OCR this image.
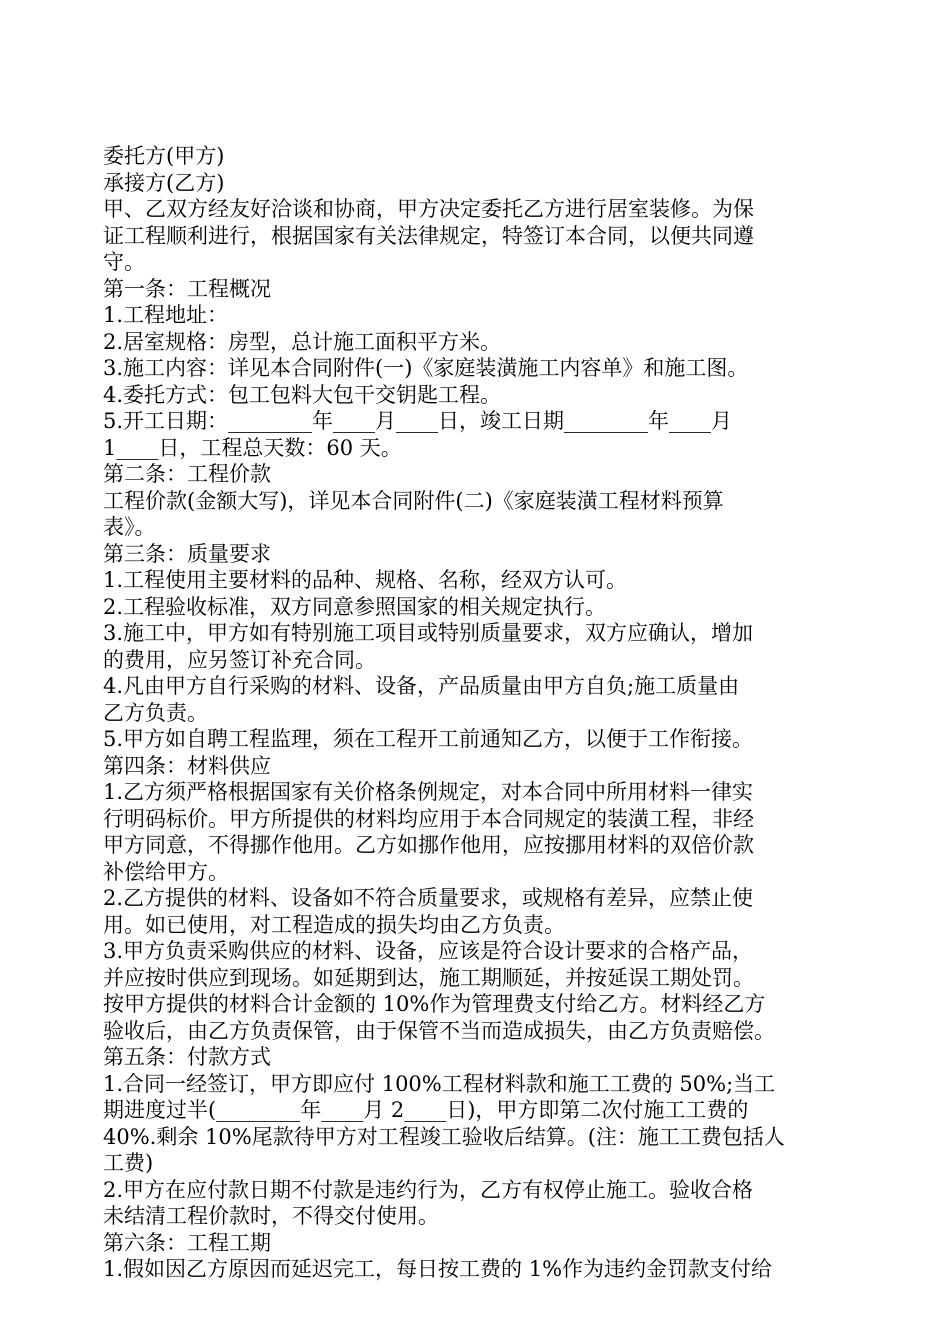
委托方(甲方)
承接方(乙方)
甲、乙双方经友好洽谈和协商，甲方决定委托乙方进行居室装修。为保
证工程顺利进行，根据国家有关法律规定，特签订本合同，以便共同遵
守。
第一条：工程概况
1.工程地址：
2.居室规格：房型，总计施工面积平方米。
3.施工内容：详见本合同附件(一)《家庭装潢施工内容单》和施工图。
4.委托方式：包工包料大包干交钥匙工程。
5.开工日期：________年____月____日，竣工日期________年____月
1____日，工程总天数：60 天。
第二条：工程价款
工程价款(金额大写)，详见本合同附件(二)《家庭装潢工程材料预算
表》。
第三条：质量要求
1.工程使用主要材料的品种、规格、名称，经双方认可。
2.工程验收标准，双方同意参照国家的相关规定执行。
3.施工中，甲方如有特别施工项目或特别质量要求，双方应确认，增加
的费用，应另签订补充合同。
4.凡由甲方自行采购的材料、设备，产品质量由甲方自负;施工质量由
乙方负责。
5.甲方如自聘工程监理，须在工程开工前通知乙方，以便于工作衔接。
第四条：材料供应
1.乙方须严格根据国家有关价格条例规定，对本合同中所用材料一律实
行明码标价。甲方所提供的材料均应用于本合同规定的装潢工程，非经
甲方同意，不得挪作他用。乙方如挪作他用，应按挪用材料的双倍价款
补偿给甲方。
2.乙方提供的材料、设备如不符合质量要求，或规格有差异，应禁止使
用。如已使用，对工程造成的损失均由乙方负责。
3.甲方负责采购供应的材料、设备，应该是符合设计要求的合格产品，
并应按时供应到现场。如延期到达，施工期顺延，并按延误工期处罚。
按甲方提供的材料合计金额的 10%作为管理费支付给乙方。材料经乙方
验收后，由乙方负责保管，由于保管不当而造成损失，由乙方负责赔偿。
第五条：付款方式
1.合同一经签订，甲方即应付 100%工程材料款和施工工费的 50%;当工
期进度过半(________年____月 2____日)，甲方即第二次付施工工费的
40%.剩余 10%尾款待甲方对工程竣工验收后结算。(注：施工工费包括人
工费)
2.甲方在应付款日期不付款是违约行为，乙方有权停止施工。验收合格
未结清工程价款时，不得交付使用。
第六条：工程工期
1.假如因乙方原因而延迟完工，每日按工费的 1%作为违约金罚款支付给
